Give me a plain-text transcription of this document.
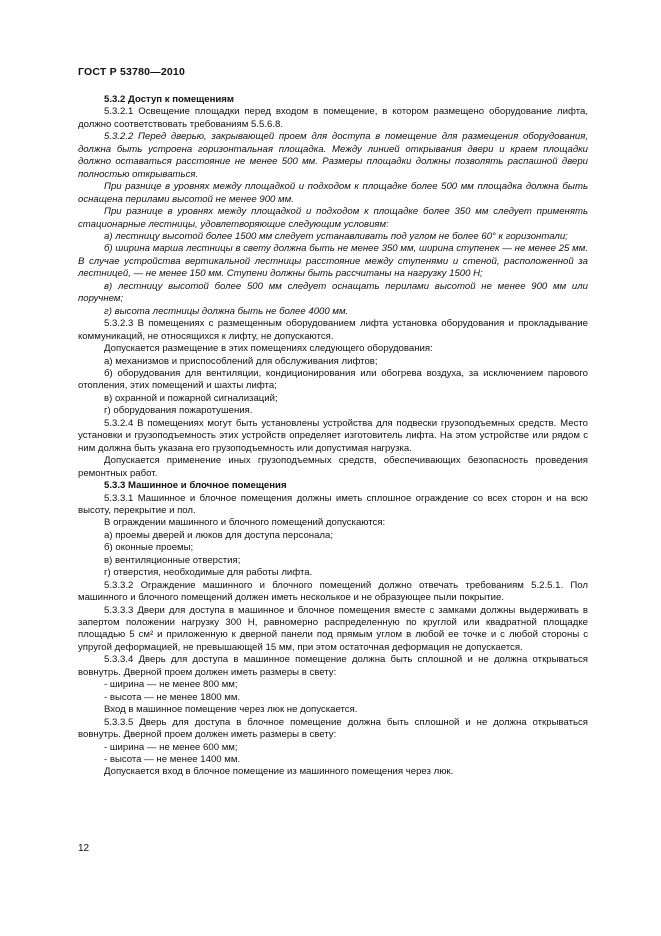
ГОСТ Р 53780—2010

5.3.2 Доступ к помещениям

5.3.2.1 Освещение площадки перед входом в помещение, в котором размещено оборудование лифта, должно соответствовать требованиям 5.5.6.8.

5.3.2.2 Перед дверью, закрывающей проем для доступа в помещение для размещения оборудования, должна быть устроена горизонтальная площадка. Между линией открывания двери и краем площадки должно оставаться расстояние не менее 500 мм. Размеры площадки должны позволять распашной двери полностью открываться.

При разнице в уровнях между площадкой и подходом к площадке более 500 мм площадка должна быть оснащена перилами высотой не менее 900 мм.

При разнице в уровнях между площадкой и подходом к площадке более 350 мм следует применять стационарные лестницы, удовлетворяющие следующим условиям:

а) лестницу высотой более 1500 мм следует устанавливать под углом не более 60° к горизонтали;

б) ширина марша лестницы в свету должна быть не менее 350 мм, ширина ступенек — не менее 25 мм. В случае устройства вертикальной лестницы расстояние между ступенями и стеной, расположенной за лестницей, — не менее 150 мм. Ступени должны быть рассчитаны на нагрузку 1500 Н;

в) лестницу высотой более 500 мм следует оснащать перилами высотой не менее 900 мм или поручнем;

г) высота лестницы должна быть не более 4000 мм.

5.3.2.3 В помещениях с размещенным оборудованием лифта установка оборудования и прокладывание коммуникаций, не относящихся к лифту, не допускаются.

Допускается размещение в этих помещениях следующего оборудования:

а) механизмов и приспособлений для обслуживания лифтов;

б) оборудования для вентиляции, кондиционирования или обогрева воздуха, за исключением парового отопления, этих помещений и шахты лифта;

в) охранной и пожарной сигнализаций;

г) оборудования пожаротушения.

5.3.2.4 В помещениях могут быть установлены устройства для подвески грузоподъемных средств. Место установки и грузоподъемность этих устройств определяет изготовитель лифта. На этом устройстве или рядом с ним должна быть указана его грузоподъемность или допустимая нагрузка.

Допускается применение иных грузоподъемных средств, обеспечивающих безопасность проведения ремонтных работ.

5.3.3 Машинное и блочное помещения

5.3.3.1 Машинное и блочное помещения должны иметь сплошное ограждение со всех сторон и на всю высоту, перекрытие и пол.

В ограждении машинного и блочного помещений допускаются:

а) проемы дверей и люков для доступа персонала;

б) оконные проемы;

в) вентиляционные отверстия;

г) отверстия, необходимые для работы лифта.

5.3.3.2 Ограждение машинного и блочного помещений должно отвечать требованиям 5.2.5.1. Пол машинного и блочного помещений должен иметь несколькое и не образующее пыли покрытие.

5.3.3.3 Двери для доступа в машинное и блочное помещения вместе с замками должны выдерживать в запертом положении нагрузку 300 Н, равномерно распределенную по круглой или квадратной площадке площадью 5 см² и приложенную к дверной панели под прямым углом в любой ее точке и с любой стороны с упругой деформацией, не превышающей 15 мм, при этом остаточная деформация не допускается.

5.3.3.4 Дверь для доступа в машинное помещение должна быть сплошной и не должна открываться вовнутрь. Дверной проем должен иметь размеры в свету:

- ширина — не менее 800 мм;

- высота — не менее 1800 мм.

Вход в машинное помещение через люк не допускается.

5.3.3.5 Дверь для доступа в блочное помещение должна быть сплошной и не должна открываться вовнутрь. Дверной проем должен иметь размеры в свету:

- ширина — не менее 600 мм;

- высота — не менее 1400 мм.

Допускается вход в блочное помещение из машинного помещения через люк.

12
